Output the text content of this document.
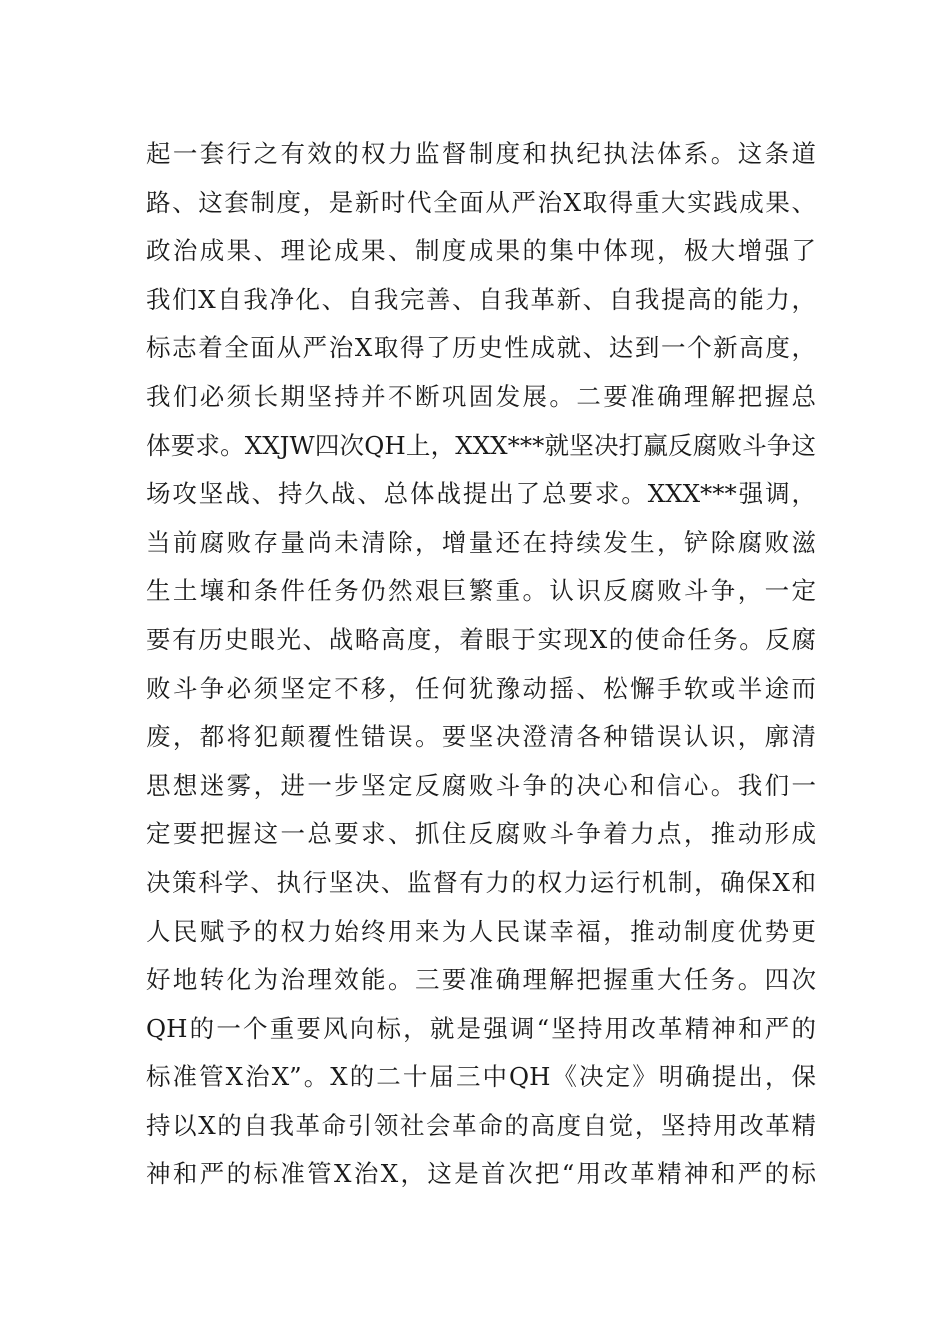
起一套行之有效的权力监督制度和执纪执法体系。这条道
路、这套制度，是新时代全面从严治X取得重大实践成果、
政治成果、理论成果、制度成果的集中体现，极大增强了
我们X自我净化、自我完善、自我革新、自我提高的能力，
标志着全面从严治X取得了历史性成就、达到一个新高度，
我们必须长期坚持并不断巩固发展。二要准确理解把握总
体要求。XXJW四次QH上，XXX***就坚决打赢反腐败斗争这
场攻坚战、持久战、总体战提出了总要求。XXX***强调，
当前腐败存量尚未清除，增量还在持续发生，铲除腐败滋
生土壤和条件任务仍然艰巨繁重。认识反腐败斗争，一定
要有历史眼光、战略高度，着眼于实现X的使命任务。反腐
败斗争必须坚定不移，任何犹豫动摇、松懈手软或半途而
废，都将犯颠覆性错误。要坚决澄清各种错误认识，廓清
思想迷雾，进一步坚定反腐败斗争的决心和信心。我们一
定要把握这一总要求、抓住反腐败斗争着力点，推动形成
决策科学、执行坚决、监督有力的权力运行机制，确保X和
人民赋予的权力始终用来为人民谋幸福，推动制度优势更
好地转化为治理效能。三要准确理解把握重大任务。四次
QH的一个重要风向标，就是强调“坚持用改革精神和严的
标准管X治X”。X的二十届三中QH《决定》明确提出，保
持以X的自我革命引领社会革命的高度自觉，坚持用改革精
神和严的标准管X治X，这是首次把“用改革精神和严的标
